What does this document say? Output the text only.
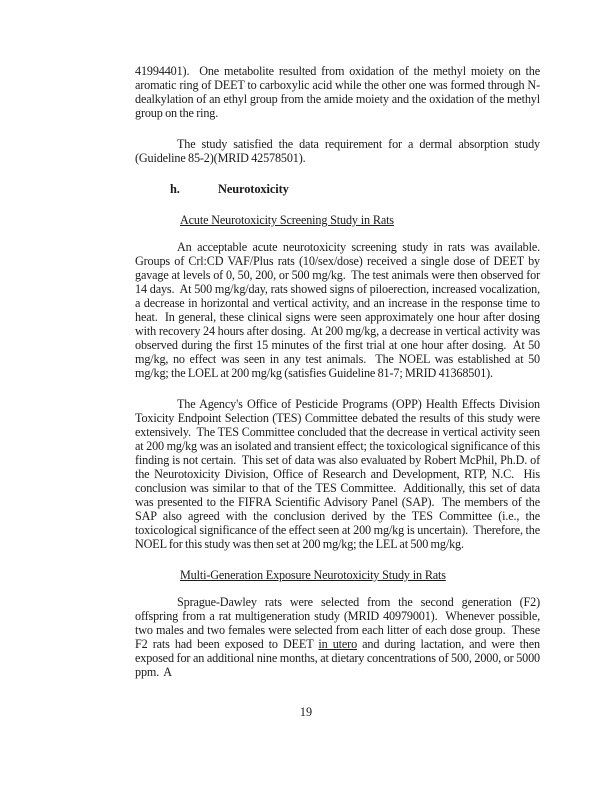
41994401).  One metabolite resulted from oxidation of the methyl moiety on the aromatic ring of DEET to carboxylic acid while the other one was formed through N-dealkylation of an ethyl group from the amide moiety and the oxidation of the methyl group on the ring.

The study satisfied the data requirement for a dermal absorption study (Guideline 85-2)(MRID 42578501).

h.	Neurotoxicity

Acute Neurotoxicity Screening Study in Rats

An acceptable acute neurotoxicity screening study in rats was available.  Groups of Crl:CD VAF/Plus rats (10/sex/dose) received a single dose of DEET by gavage at levels of 0, 50, 200, or 500 mg/kg.  The test animals were then observed for 14 days.  At 500 mg/kg/day, rats showed signs of piloerection, increased vocalization, a decrease in horizontal and vertical activity, and an increase in the response time to heat.  In general, these clinical signs were seen approximately one hour after dosing with recovery 24 hours after dosing.  At 200 mg/kg, a decrease in vertical activity was observed during the first 15 minutes of the first trial at one hour after dosing.  At 50 mg/kg, no effect was seen in any test animals.  The NOEL was established at 50 mg/kg; the LOEL at 200 mg/kg (satisfies Guideline 81-7; MRID 41368501).

The Agency's Office of Pesticide Programs (OPP) Health Effects Division Toxicity Endpoint Selection (TES) Committee debated the results of this study were extensively.  The TES Committee concluded that the decrease in vertical activity seen at 200 mg/kg was an isolated and transient effect; the toxicological significance of this finding is not certain.  This set of data was also evaluated by Robert McPhil, Ph.D. of the Neurotoxicity Division, Office of Research and Development, RTP, N.C.  His conclusion was similar to that of the TES Committee.  Additionally, this set of data was presented to the FIFRA Scientific Advisory Panel (SAP).  The members of the SAP also agreed with the conclusion derived by the TES Committee (i.e., the toxicological significance of the effect seen at 200 mg/kg is uncertain).  Therefore, the NOEL for this study was then set at 200 mg/kg; the LEL at 500 mg/kg.

Multi-Generation Exposure Neurotoxicity Study in Rats

Sprague-Dawley rats were selected from the second generation (F2) offspring from a rat multigeneration study (MRID 40979001).  Whenever possible, two males and two females were selected from each litter of each dose group.  These F2 rats had been exposed to DEET in utero and during lactation, and were then exposed for an additional nine months, at dietary concentrations of 500, 2000, or 5000 ppm.  A

19
